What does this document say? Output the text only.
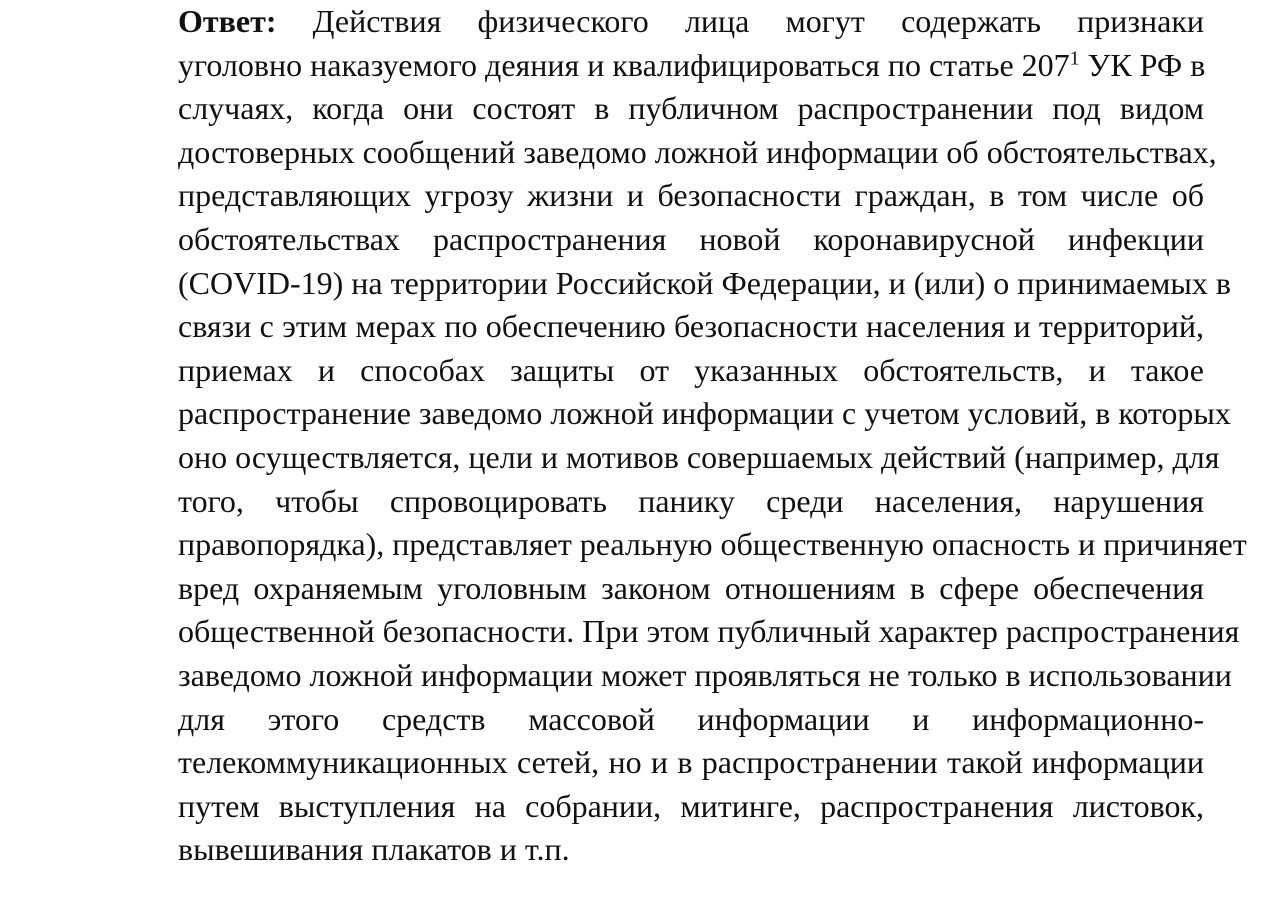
Ответ: Действия физического лица могут содержать признаки
уголовно наказуемого деяния и квалифицироваться по статье $207^1$ УК РФ в
случаях, когда они состоят в публичном распространении под видом
достоверных сообщений заведомо ложной информации об обстоятельствах,
представляющих угрозу жизни и безопасности граждан, в том числе об
обстоятельствах распространения новой коронавирусной инфекции
(COVID-19) на территории Российской Федерации, и (или) о принимаемых в
связи с этим мерах по обеспечению безопасности населения и территорий,
приемах и способах защиты от указанных обстоятельств, и такое
распространение заведомо ложной информации с учетом условий, в которых
оно осуществляется, цели и мотивов совершаемых действий (например, для
того, чтобы спровоцировать панику среди населения, нарушения
правопорядка), представляет реальную общественную опасность и причиняет
вред охраняемым уголовным законом отношениям в сфере обеспечения
общественной безопасности. При этом публичный характер распространения
заведомо ложной информации может проявляться не только в использовании
для этого средств массовой информации и информационно-
телекоммуникационных сетей, но и в распространении такой информации
путем выступления на собрании, митинге, распространения листовок,
вывешивания плакатов и т.п.
